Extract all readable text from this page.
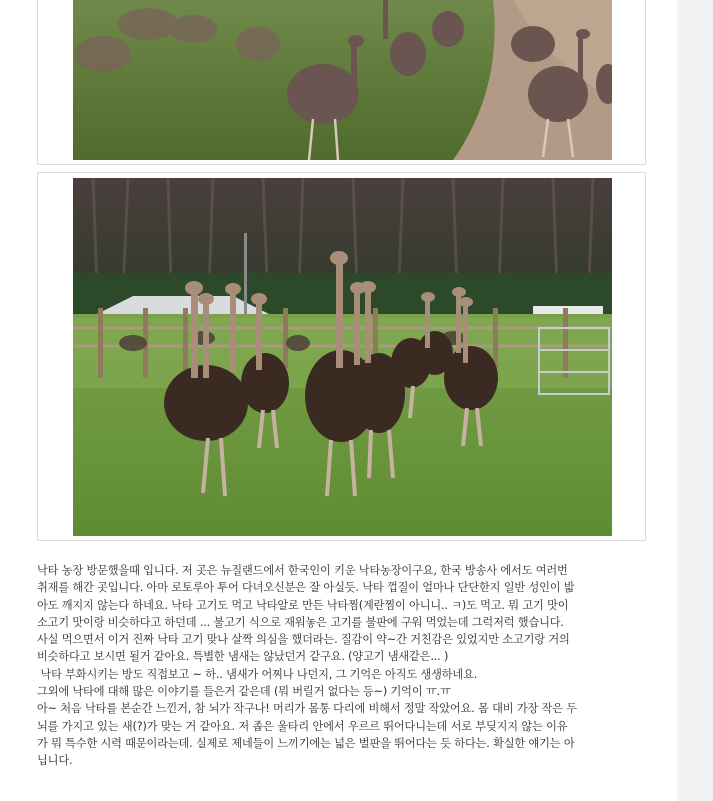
낙타 농장 방문했을때 입니다. 저 곳은 뉴질랜드에서 한국인이 키운 낙타농장이구요, 한국 방송사 에서도 여러번

취재를 해간 곳입니다. 아마 로토루아 투어 다녀오신분은 잘 아실듯. 낙타 껍질이 얼마나 단단한지 일반 성인이 밟

아도 깨지지 않는다 하네요. 낙타 고기도 먹고 낙타알로 만든 낙타찜(계란찜이 아니니.. ㅋ)도 먹고. 뭐 고기 맛이

소고기 맛이랑 비슷하다고 하던데 ... 불고기 식으로 재워놓은 고기를 불판에 구워 먹었는데 그럭저럭 했습니다.

사실 먹으면서 이거 진짜 낙타 고기 맞나 살짝 의심을 했더라는. 질감이 약~간 거친감은 있었지만 소고기랑 거의

비슷하다고 보시면 될거 같아요. 특별한 냄새는 않났던거 같구요. (양고기 냄새같은... )

낙타 부화시키는 방도 직접보고 ~ 하.. 냄새가 어찌나 나던지, 그 기억은 아직도 생생하네요.

그외에 낙타에 대해 많은 이야기를 들은거 같은데 (뭐 버릴거 없다는 등~) 기억이 ㅠ.ㅠ

아~ 처음 낙타를 본순간 느낀거, 참 뇌가 작구나! 머리가 몸통 다리에 비해서 정말 작았어요. 몸 대비 가장 작은 두

뇌를 가지고 있는 새(?)가 맞는 거 같아요. 저 좁은 울타리 안에서 우르르 뛰어다니는데 서로 부딪지지 않는 이유

가 뭐 특수한 시력 때문이라는데. 실제로 제네들이 느끼기에는 넓은 벌판을 뛰어다는 듯 하다는. 확실한 얘기는 아

닙니다.
